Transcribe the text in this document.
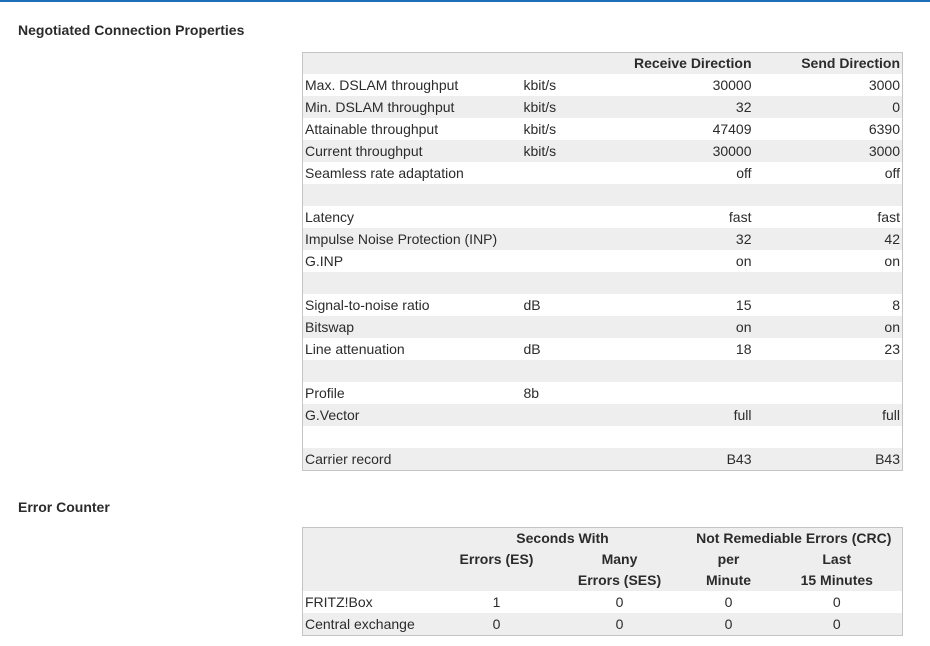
Negotiated Connection Properties
		Receive Direction	Send Direction
Max. DSLAM throughput	kbit/s	30000	3000
Min. DSLAM throughput	kbit/s	32	0
Attainable throughput	kbit/s	47409	6390
Current throughput	kbit/s	30000	3000
Seamless rate adaptation		off	off

Latency		fast	fast
Impulse Noise Protection (INP)		32	42
G.INP		on	on

Signal-to-noise ratio	dB	15	8
Bitswap		on	on
Line attenuation	dB	18	23

Profile	8b		
G.Vector		full	full

Carrier record		B43	B43
Error Counter
	Seconds With		Not Remediable Errors (CRC)	
	Errors (ES)	Many	per	Last
		Errors (SES)	Minute	15 Minutes
FRITZ!Box	1	0	0	0
Central exchange	0	0	0	0
